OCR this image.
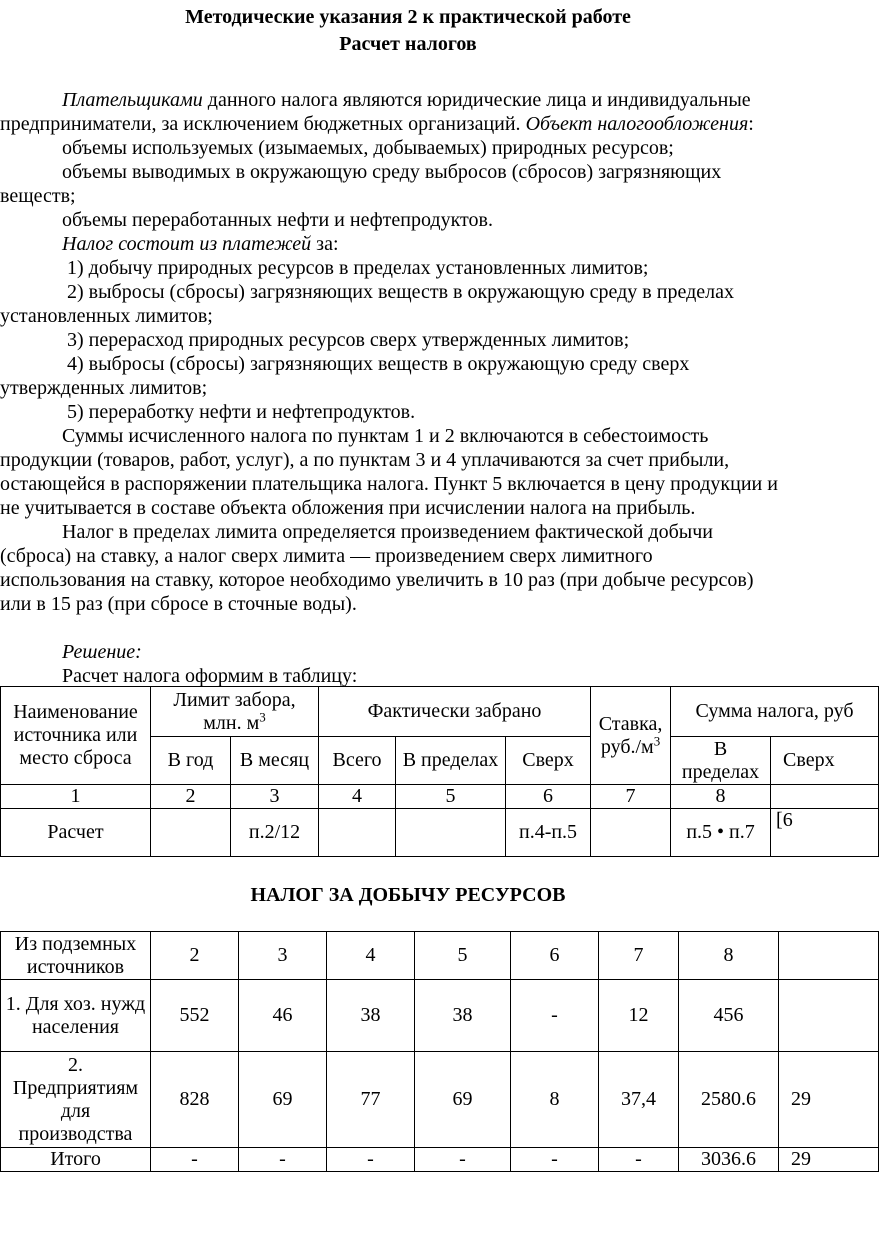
Методические указания 2 к практической работе
Расчет налогов
Плательщиками данного налога являются юридические лица и индивидуальные
предприниматели, за исключением бюджетных организаций. Объект налогообложения:
объемы используемых (изымаемых, добываемых) природных ресурсов;
объемы выводимых в окружающую среду выбросов (сбросов) загрязняющих
веществ;
объемы переработанных нефти и нефтепродуктов.
Налог состоит из платежей за:
1) добычу природных ресурсов в пределах установленных лимитов;
2) выбросы (сбросы) загрязняющих веществ в окружающую среду в пределах
установленных лимитов;
3) перерасход природных ресурсов сверх утвержденных лимитов;
4) выбросы (сбросы) загрязняющих веществ в окружающую среду сверх
утвержденных лимитов;
5) переработку нефти и нефтепродуктов.
Суммы исчисленного налога по пунктам 1 и 2 включаются в себестоимость
продукции (товаров, работ, услуг), а по пунктам 3 и 4 уплачиваются за счет прибыли,
остающейся в распоряжении плательщика налога. Пункт 5 включается в цену продукции и
не учитывается в составе объекта обложения при исчислении налога на прибыль.
Налог в пределах лимита определяется произведением фактической добычи
(сброса) на ставку, а налог сверх лимита — произведением сверх лимитного
использования на ставку, которое необходимо увеличить в 10 раз (при добыче ресурсов)
или в 15 раз (при сбросе в сточные воды).
Решение:
Расчет налога оформим в таблицу:
Наименование источника или место сброса	Лимит забора, млн. $м^3$		Фактически забрано			Ставка, $руб./м^3$	Сумма налога, руб	
	В год	В месяц	Всего	В пределах	Сверх		В пределах	Сверх
1	2	3	4	5	6	7	8	
Расчет		п.2/12			п.4-п.5		п.5 • п.7	[6
НАЛОГ ЗА ДОБЫЧУ РЕСУРСОВ
Из подземных источников	2	3	4	5	6	7	8	
1. Для хоз. нужд населения	552	46	38	38	-	12	456	
2. Предприятиям для производства	828	69	77	69	8	37,4	2580.6	29
Итого	-	-	-	-	-	-	3036.6	29
